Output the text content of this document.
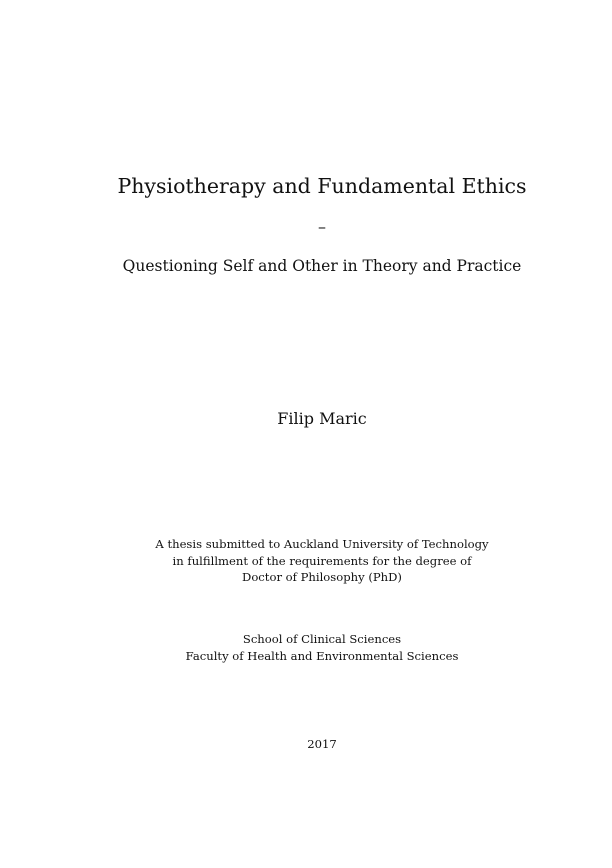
Physiotherapy and Fundamental Ethics
–
Questioning Self and Other in Theory and Practice
Filip Maric
A thesis submitted to Auckland University of Technology
in fulfillment of the requirements for the degree of
Doctor of Philosophy (PhD)
School of Clinical Sciences
Faculty of Health and Environmental Sciences
2017
